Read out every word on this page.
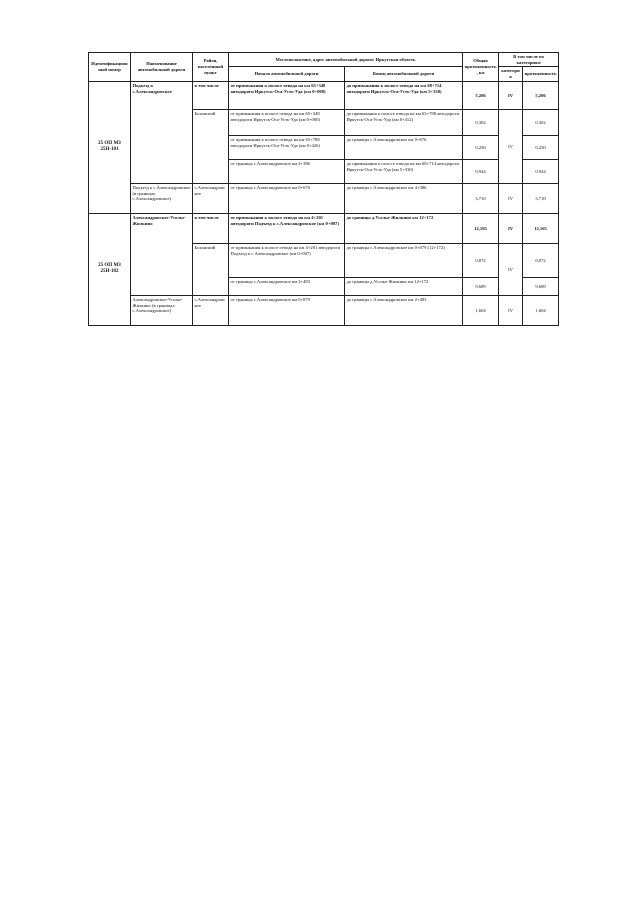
Идентификационный номер	Наименование автомобильной дороги	Район, населенный пункт	Местоположение, адрес автомобильной дороги: Иркутская область		Общая протяженность, км	В том числе по категориям	
			Начало автомобильной дороги	Конец автомобильной дороги		категория	протяженность
25 ОП МЗ 25Н-101	Подъезд к с.Александровское	в том числе	от примыкания к полосе отвода на км 65+348 автодороги Иркутск-Оса-Усть-Уда (км 0+000)	до примыкания к полосе отвода на км 68+714 автодороги Иркутск-Оса-Усть-Уда (км 5+330)	5,206	IV	5,206
		Боханский	от примыкания к полосе отвода на км 65+348 автодороги Иркутск-Оса-Усть-Уда (км 0+000)	до примыкания к полосе отвода на км 65+788 автодороги Иркутск-Оса-Усть-Уда (км 0+412)	0,302	IV	0,302
			от примыкания к полосе отвода на км 65+788 автодороги Иркутск-Оса-Усть-Уда (км 0+426)	до границы с.Александровское км 0+676	0,250		0,250
			от границы с.Александровское км 4+386	до примыкания к полосе отвода на км 68+714 автодороги Иркутск-Оса-Усть-Уда (км 5+330)	0,944		0,944
	Подъезд к с.Александровское (в границах с.Александровское)	с.Александровское	от границы с.Александровское км 0+676	до границы с.Александровское км 4+386	3,710	IV	3,710
25 ОП МЗ 25Н-102	Александровское-Усолье-Жилкино	в том числе	от примыкания к полосе отвода на км 4+201 автодороги Подъезд к с.Александровское (км 0+007)	до границы д.Усолье-Жилкино км 12+172	12,165	IV	12,165
		Боханский	от примыкания к полосе отвода на км 4+201 автодороги Подъезд к с.Александровское (км 0+007)	до границы с.Александровское км 0+879 (12+172)	0,872	IV	0,872
			от границы с.Александровское км 2+483	до границы д.Усолье-Жилкино км 12+172	9,689		9,689
	Александровское-Усолье-Жилкино (в границах с.Александровское)	с.Александровское	от границы с.Александровское км 0+879	до границы с.Александровское км 2+483	1,604	IV	1,604
